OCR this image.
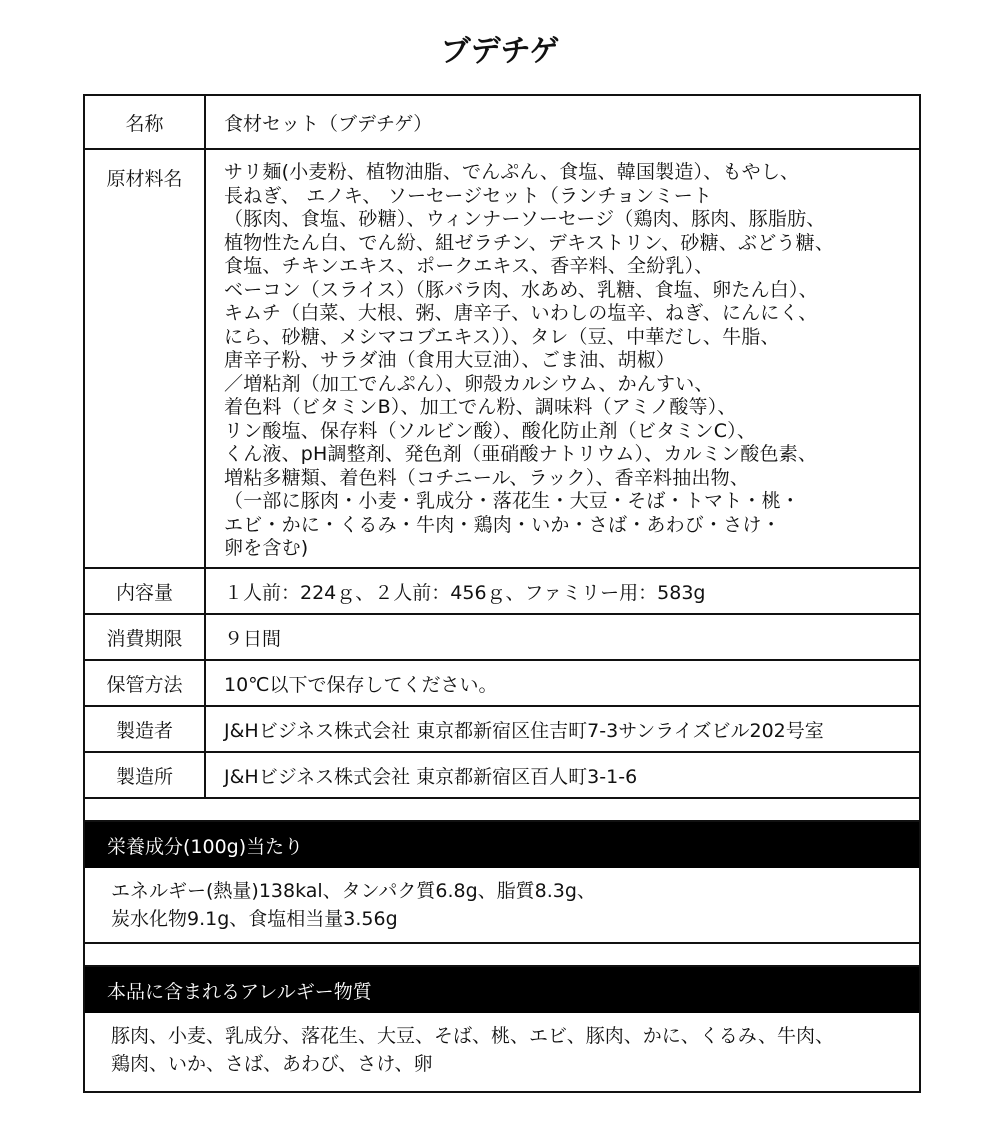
ブデチゲ
名称	食材セット（ブデチゲ）
原材料名	サリ麺(小麦粉、植物油脂、でんぷん、食塩、韓国製造）、もやし、
長ねぎ、 エノキ、 ソーセージセット（ランチョンミート
（豚肉、食塩、砂糖）、ウィンナーソーセージ（鶏肉、豚肉、豚脂肪、
植物性たん白、でん紛、組ゼラチン、デキストリン、砂糖、ぶどう糖、
食塩、チキンエキス、ポークエキス、香辛料、全紛乳）、
ベーコン（スライス）（豚バラ肉、水あめ、乳糖、食塩、卵たん白）、
キムチ（白菜、大根、粥、唐辛子、いわしの塩辛、ねぎ、にんにく、
にら、砂糖、メシマコブエキス））、タレ（豆、中華だし、牛脂、
唐辛子粉、サラダ油（食用大豆油）、ごま油、胡椒）
／増粘剤（加工でんぷん）、卵殻カルシウム、かんすい、
着色料（ビタミンB）、加工でん粉、調味料（アミノ酸等）、
リン酸塩、保存料（ソルビン酸）、酸化防止剤（ビタミンC）、
くん液、pH調整剤、発色剤（亜硝酸ナトリウム）、カルミン酸色素、
増粘多糖類、着色料（コチニール、ラック）、香辛料抽出物、
（一部に豚肉・小麦・乳成分・落花生・大豆・そば・トマト・桃・
エビ・かに・くるみ・牛肉・鶏肉・いか・さば・あわび・さけ・
卵を含む)
内容量	１人前：224ｇ、２人前：456ｇ、ファミリー用：583g
消費期限	９日間
保管方法	10℃以下で保存してください。
製造者	J&Hビジネス株式会社 東京都新宿区住吉町7-3サンライズビル202号室
製造所	J&Hビジネス株式会社 東京都新宿区百人町3-1-6
栄養成分(100g)当たり
エネルギー(熱量)138kal、タンパク質6.8g、脂質8.3g、
炭水化物9.1g、食塩相当量3.56g
本品に含まれるアレルギー物質
豚肉、小麦、乳成分、落花生、大豆、そば、桃、エビ、豚肉、かに、くるみ、牛肉、
鶏肉、いか、さば、あわび、さけ、卵
